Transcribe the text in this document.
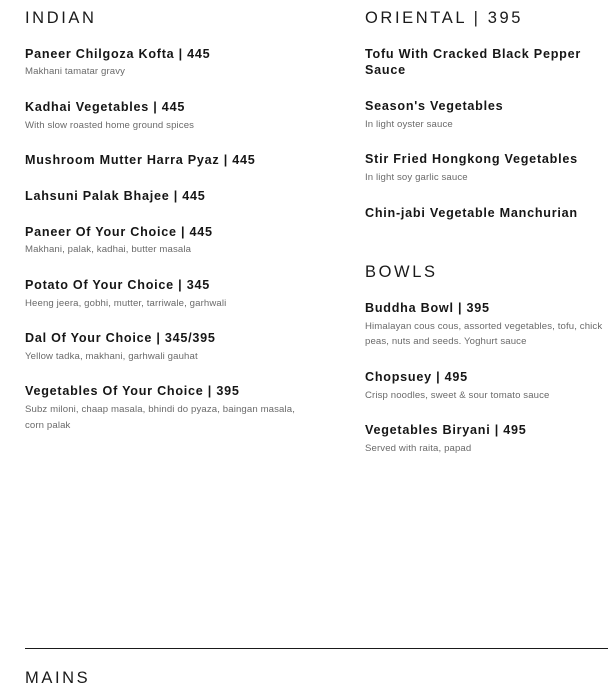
INDIAN

Paneer Chilgoza Kofta | 445

Makhani tamatar gravy

Kadhai Vegetables | 445

With slow roasted home ground spices

Mushroom Mutter Harra Pyaz | 445

Lahsuni Palak Bhajee | 445

Paneer Of Your Choice | 445

Makhani, palak, kadhai, butter masala

Potato Of Your Choice | 345

Heeng jeera, gobhi, mutter, tarriwale, garhwali

Dal Of Your Choice | 345/395

Yellow tadka, makhani, garhwali gauhat

Vegetables Of Your Choice | 395

Subz miloni, chaap masala, bhindi do pyaza, baingan masala, corn palak

ORIENTAL | 395

Tofu With Cracked Black Pepper Sauce

Season's Vegetables

In light oyster sauce

Stir Fried Hongkong Vegetables

In light soy garlic sauce

Chin-jabi Vegetable Manchurian

BOWLS

Buddha Bowl | 395

Himalayan cous cous, assorted vegetables, tofu, chick peas, nuts and seeds. Yoghurt sauce

Chopsuey | 495

Crisp noodles, sweet & sour tomato sauce

Vegetables Biryani | 495

Served with raita, papad

MAINS
